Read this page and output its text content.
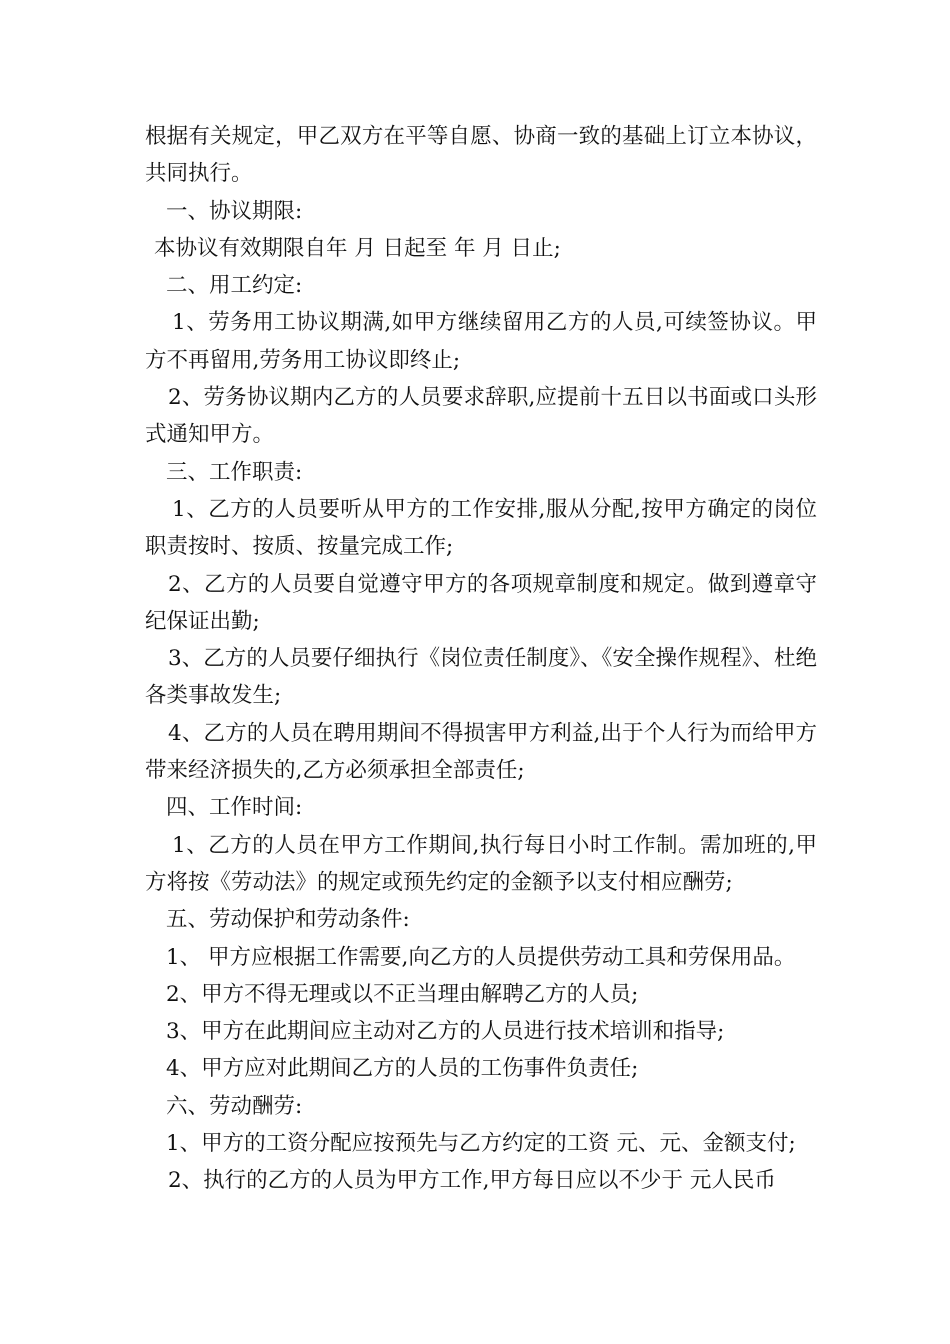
根据有关规定，甲乙双方在平等自愿、协商一致的基础上订立本协议，共同执行。

一、协议期限:

本协议有效期限自年 月 日起至 年 月 日止;

二、用工约定:

1、劳务用工协议期满,如甲方继续留用乙方的人员,可续签协议。甲方不再留用,劳务用工协议即终止;

2、劳务协议期内乙方的人员要求辞职,应提前十五日以书面或口头形式通知甲方。

三、工作职责:

1、乙方的人员要听从甲方的工作安排,服从分配,按甲方确定的岗位职责按时、按质、按量完成工作;

2、乙方的人员要自觉遵守甲方的各项规章制度和规定。做到遵章守纪保证出勤;

3、乙方的人员要仔细执行《岗位责任制度》、《安全操作规程》、杜绝各类事故发生;

4、乙方的人员在聘用期间不得损害甲方利益,出于个人行为而给甲方带来经济损失的,乙方必须承担全部责任;

四、工作时间:

1、乙方的人员在甲方工作期间,执行每日小时工作制。需加班的,甲方将按《劳动法》的规定或预先约定的金额予以支付相应酬劳;

五、劳动保护和劳动条件:

1、 甲方应根据工作需要,向乙方的人员提供劳动工具和劳保用品。

2、甲方不得无理或以不正当理由解聘乙方的人员;

3、甲方在此期间应主动对乙方的人员进行技术培训和指导;

4、甲方应对此期间乙方的人员的工伤事件负责任;

六、劳动酬劳:

1、甲方的工资分配应按预先与乙方约定的工资 元、元、金额支付;

2、执行的乙方的人员为甲方工作,甲方每日应以不少于 元人民币
